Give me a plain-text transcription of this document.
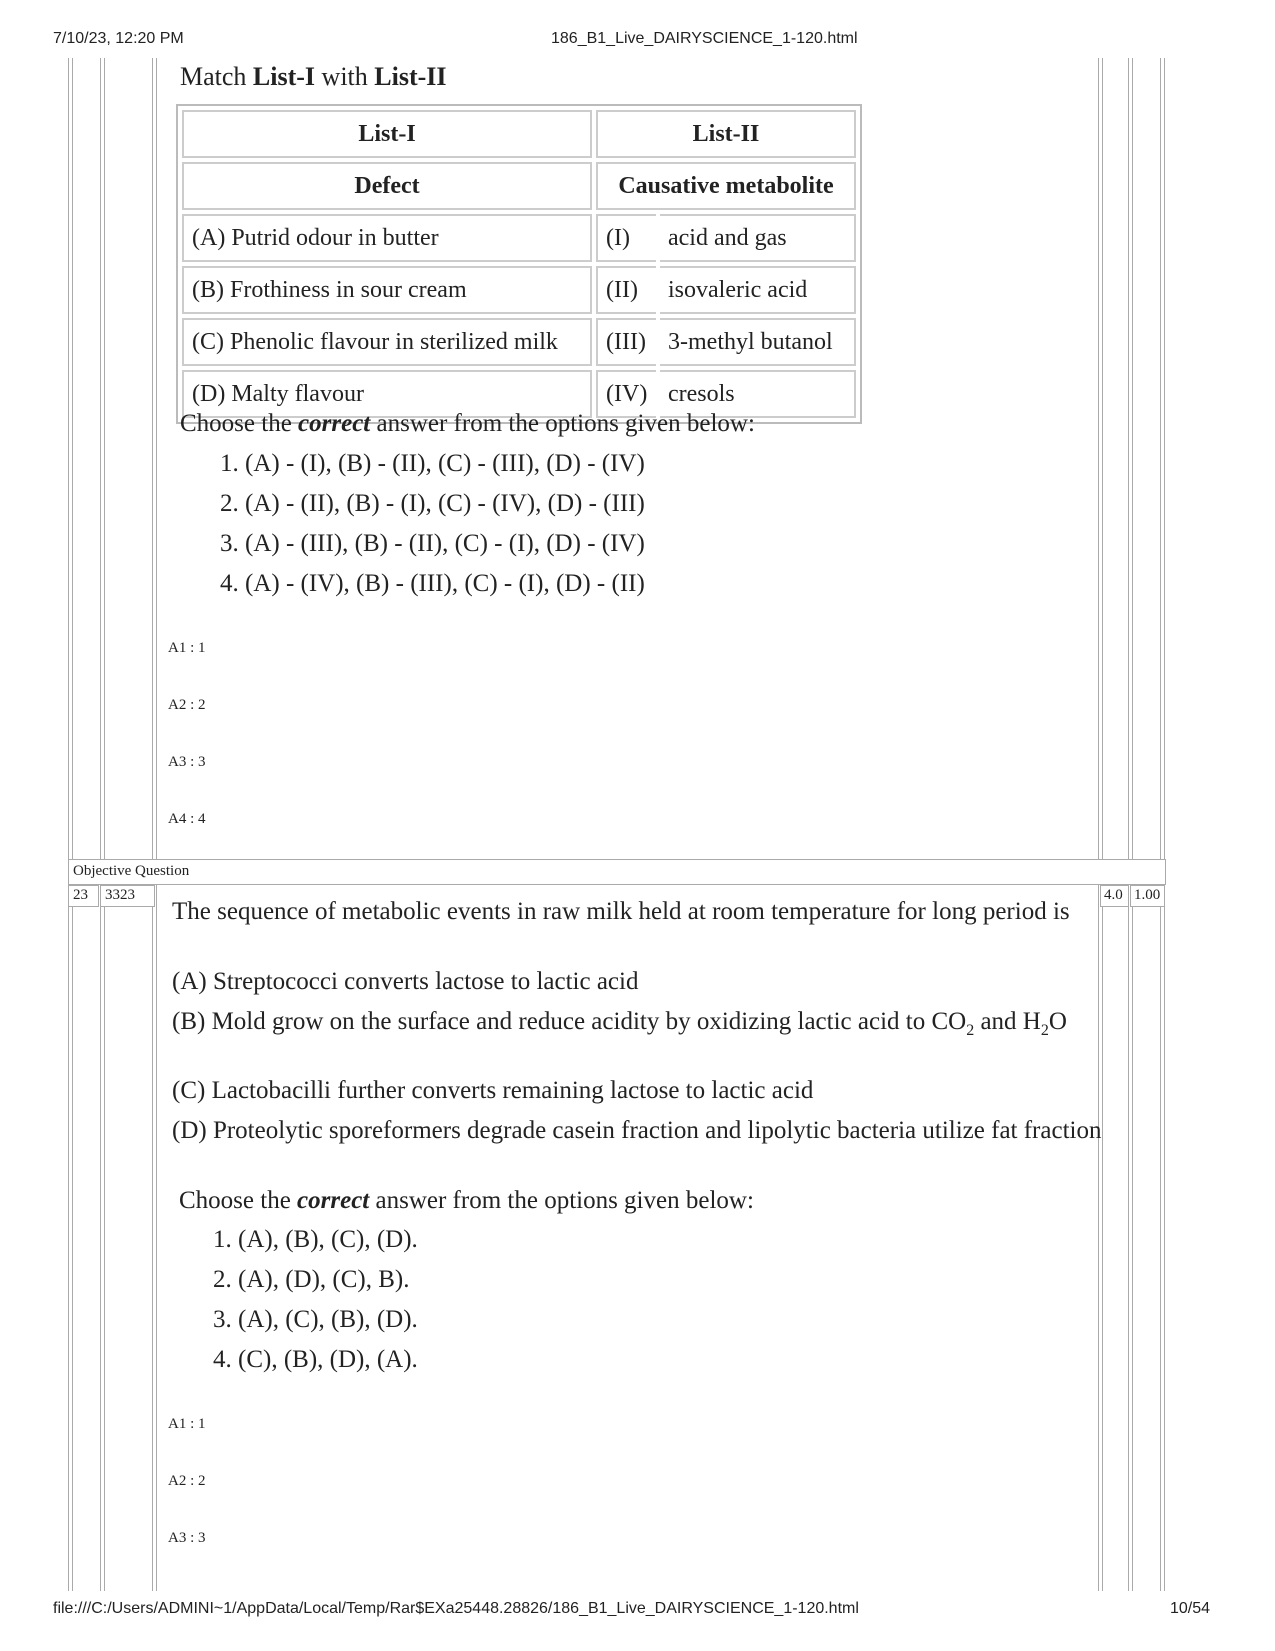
7/10/23, 12:20 PM	186_B1_Live_DAIRYSCIENCE_1-120.html
Match List-I with List-II
List-I	List-II	
Defect	Causative metabolite	
(A) Putrid odour in butter	(I)	acid and gas
(B) Frothiness in sour cream	(II)	isovaleric acid
(C) Phenolic flavour in sterilized milk	(III)	3-methyl butanol
(D) Malty flavour	(IV)	cresols
Choose the correct answer from the options given below:
1. (A) - (I), (B) - (II), (C) - (III), (D) - (IV)
2. (A) - (II), (B) - (I), (C) - (IV), (D) - (III)
3. (A) - (III), (B) - (II), (C) - (I), (D) - (IV)
4. (A) - (IV), (B) - (III), (C) - (I), (D) - (II)
A1 : 1
A2 : 2
A3 : 3
A4 : 4
Objective Question
23 3323	4.0 1.00
The sequence of metabolic events in raw milk held at room temperature for long period is
(A) Streptococci converts lactose to lactic acid
(B) Mold grow on the surface and reduce acidity by oxidizing lactic acid to $CO_2$ and $H_2O$
(C) Lactobacilli further converts remaining lactose to lactic acid
(D) Proteolytic sporeformers degrade casein fraction and lipolytic bacteria utilize fat fraction
Choose the correct answer from the options given below:
1. (A), (B), (C), (D).
2. (A), (D), (C), B).
3. (A), (C), (B), (D).
4. (C), (B), (D), (A).
A1 : 1
A2 : 2
A3 : 3
file:///C:/Users/ADMINI~1/AppData/Local/Temp/Rar$EXa25448.28826/186_B1_Live_DAIRYSCIENCE_1-120.html	10/54
